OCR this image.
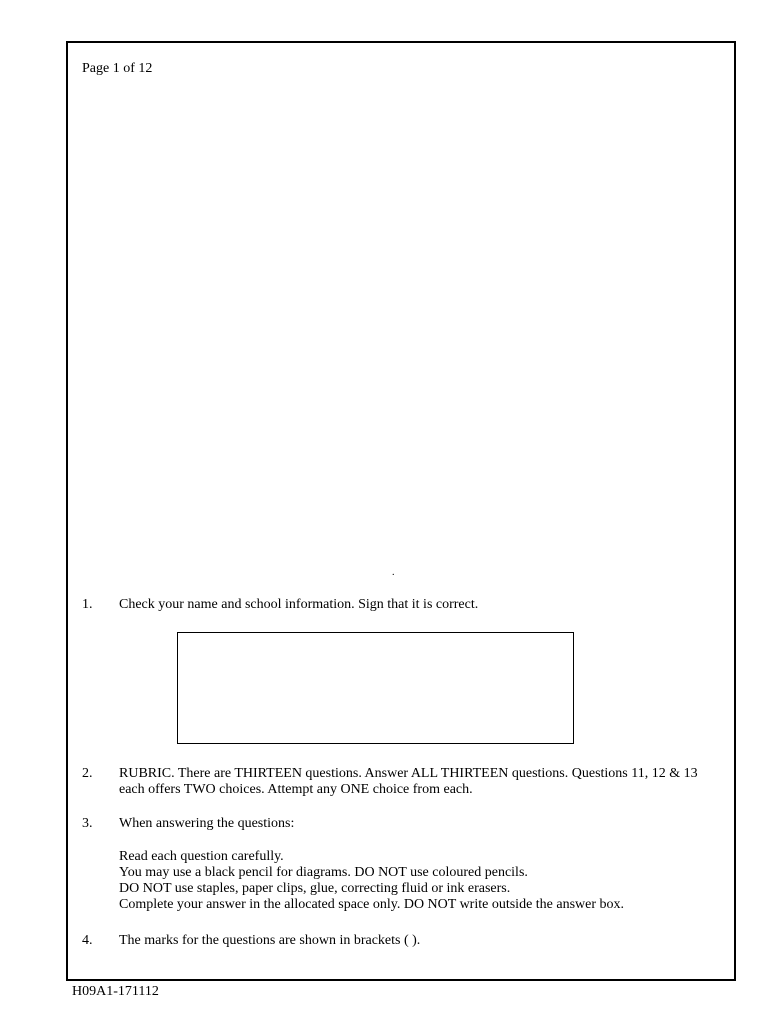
Page 1 of 12
.
1. Check your name and school information. Sign that it is correct.
2. RUBRIC. There are THIRTEEN questions. Answer ALL THIRTEEN questions. Questions 11, 12 & 13 each offers TWO choices. Attempt any ONE choice from each.
3. When answering the questions:

Read each question carefully.

You may use a black pencil for diagrams. DO NOT use coloured pencils.

DO NOT use staples, paper clips, glue, correcting fluid or ink erasers.

Complete your answer in the allocated space only. DO NOT write outside the answer box.

4. The marks for the questions are shown in brackets ( ).
H09A1-171112
